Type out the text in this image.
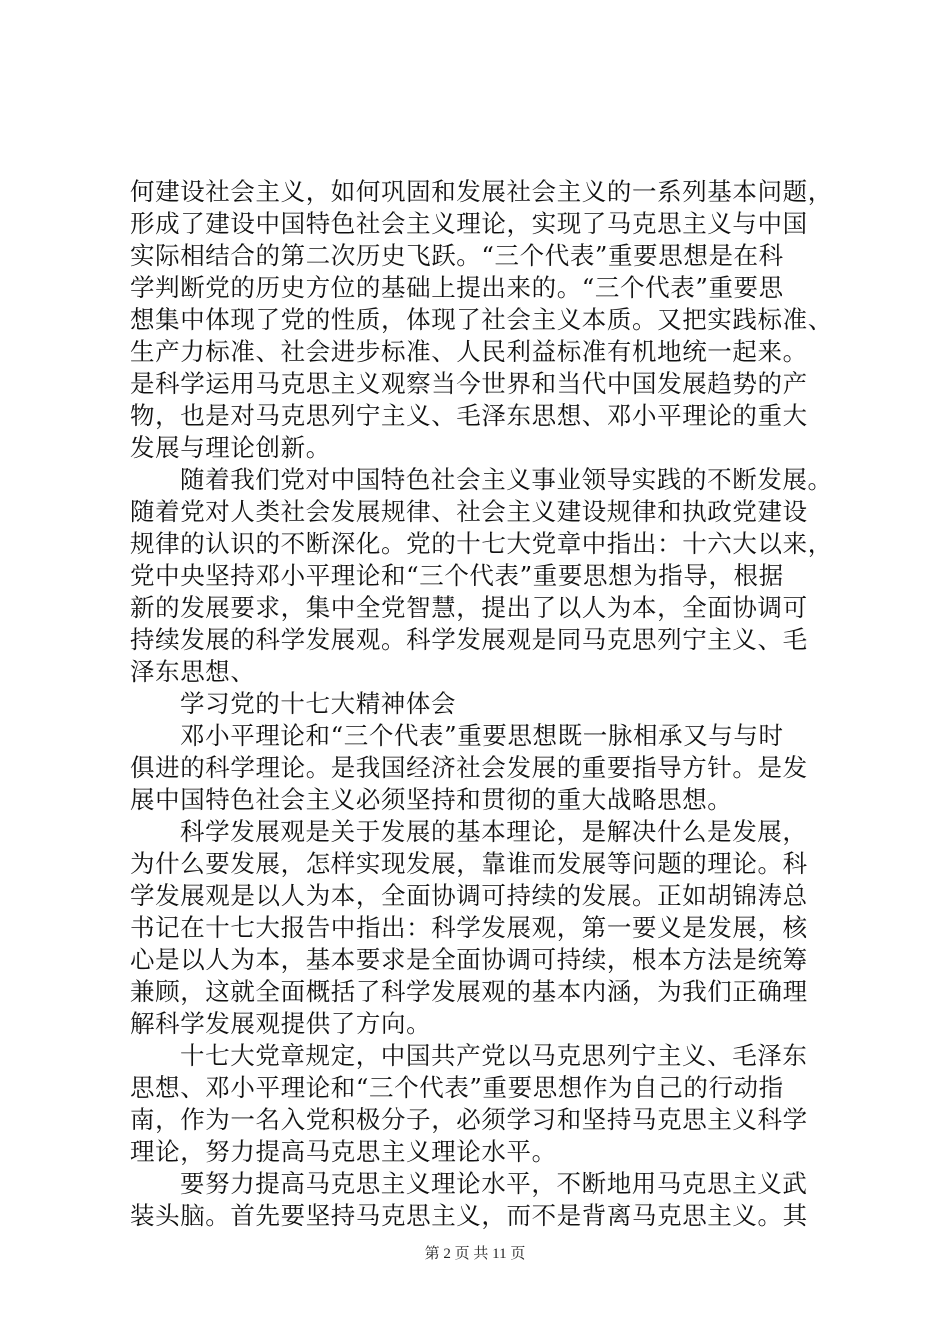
何建设社会主义，如何巩固和发展社会主义的一系列基本问题，
形成了建设中国特色社会主义理论，实现了马克思主义与中国
实际相结合的第二次历史飞跃。“三个代表”重要思想是在科
学判断党的历史方位的基础上提出来的。“三个代表”重要思
想集中体现了党的性质，体现了社会主义本质。又把实践标准、
生产力标准、社会进步标准、人民利益标准有机地统一起来。
是科学运用马克思主义观察当今世界和当代中国发展趋势的产
物，也是对马克思列宁主义、毛泽东思想、邓小平理论的重大
发展与理论创新。
随着我们党对中国特色社会主义事业领导实践的不断发展。
随着党对人类社会发展规律、社会主义建设规律和执政党建设
规律的认识的不断深化。党的十七大党章中指出：十六大以来，
党中央坚持邓小平理论和“三个代表”重要思想为指导，根据
新的发展要求，集中全党智慧，提出了以人为本，全面协调可
持续发展的科学发展观。科学发展观是同马克思列宁主义、毛
泽东思想、
学习党的十七大精神体会
邓小平理论和“三个代表”重要思想既一脉相承又与与时
俱进的科学理论。是我国经济社会发展的重要指导方针。是发
展中国特色社会主义必须坚持和贯彻的重大战略思想。
科学发展观是关于发展的基本理论，是解决什么是发展，
为什么要发展，怎样实现发展，靠谁而发展等问题的理论。科
学发展观是以人为本，全面协调可持续的发展。正如胡锦涛总
书记在十七大报告中指出：科学发展观，第一要义是发展，核
心是以人为本，基本要求是全面协调可持续，根本方法是统筹
兼顾，这就全面概括了科学发展观的基本内涵，为我们正确理
解科学发展观提供了方向。
十七大党章规定，中国共产党以马克思列宁主义、毛泽东
思想、邓小平理论和“三个代表”重要思想作为自己的行动指
南，作为一名入党积极分子，必须学习和坚持马克思主义科学
理论，努力提高马克思主义理论水平。
要努力提高马克思主义理论水平，不断地用马克思主义武
装头脑。首先要坚持马克思主义，而不是背离马克思主义。其
第 2 页 共 11 页
